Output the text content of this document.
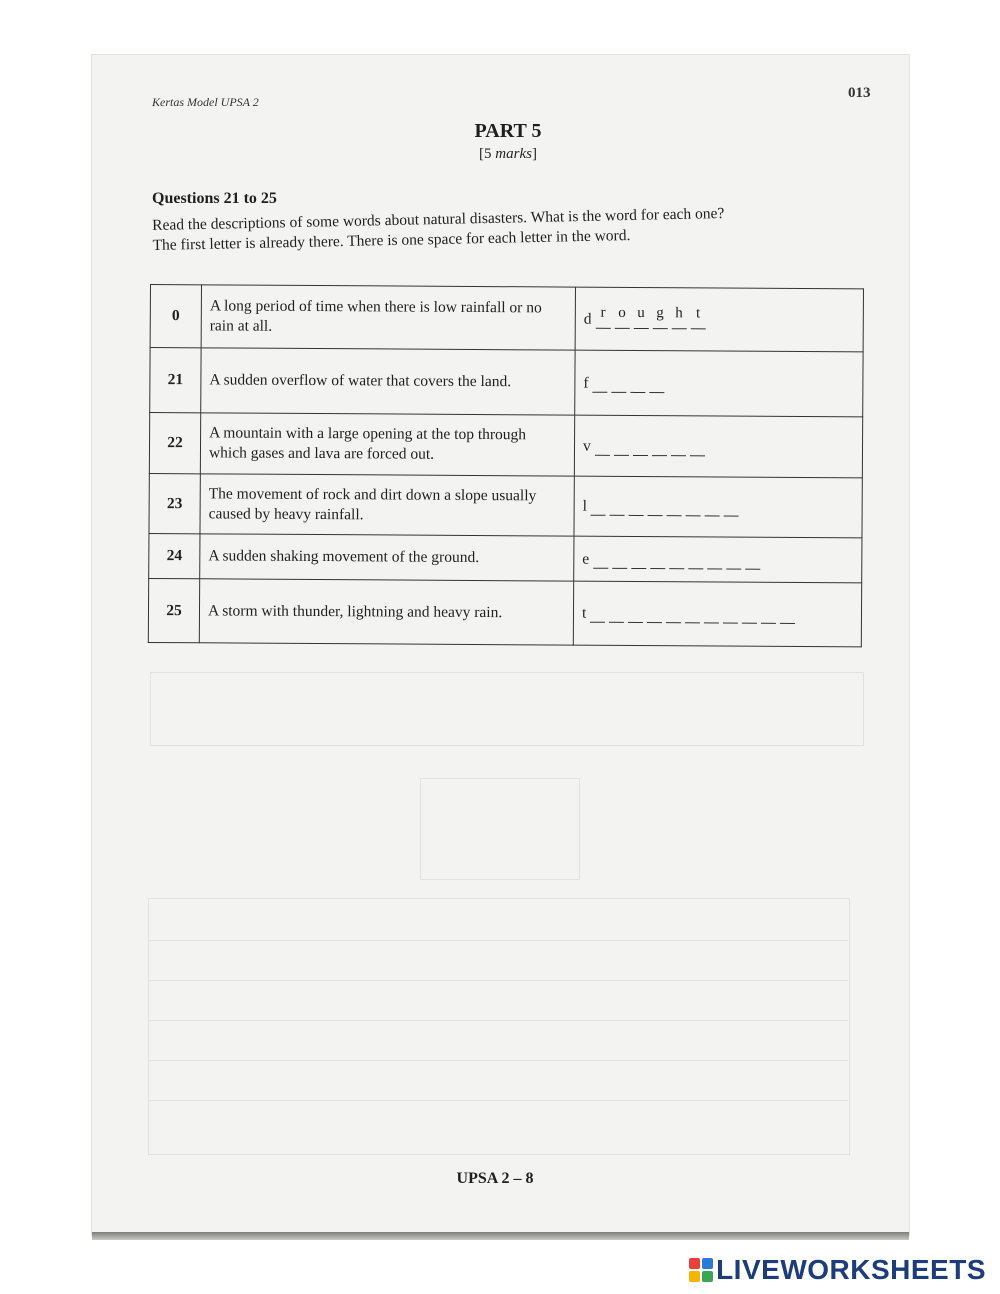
Kertas Model UPSA 2
013
PART 5
[5 marks]
Questions 21 to 25
Read the descriptions of some words about natural disasters. What is the word for each one?
The first letter is already there. There is one space for each letter in the word.
0	A long period of time when there is low rainfall or no rain at all.	d r o u g h t
21	A sudden overflow of water that covers the land.	f
22	A mountain with a large opening at the top through which gases and lava are forced out.	v
23	The movement of rock and dirt down a slope usually caused by heavy rainfall.	l
24	A sudden shaking movement of the ground.	e
25	A storm with thunder, lightning and heavy rain.	t
UPSA 2 – 8
LIVEWORKSHEETS
